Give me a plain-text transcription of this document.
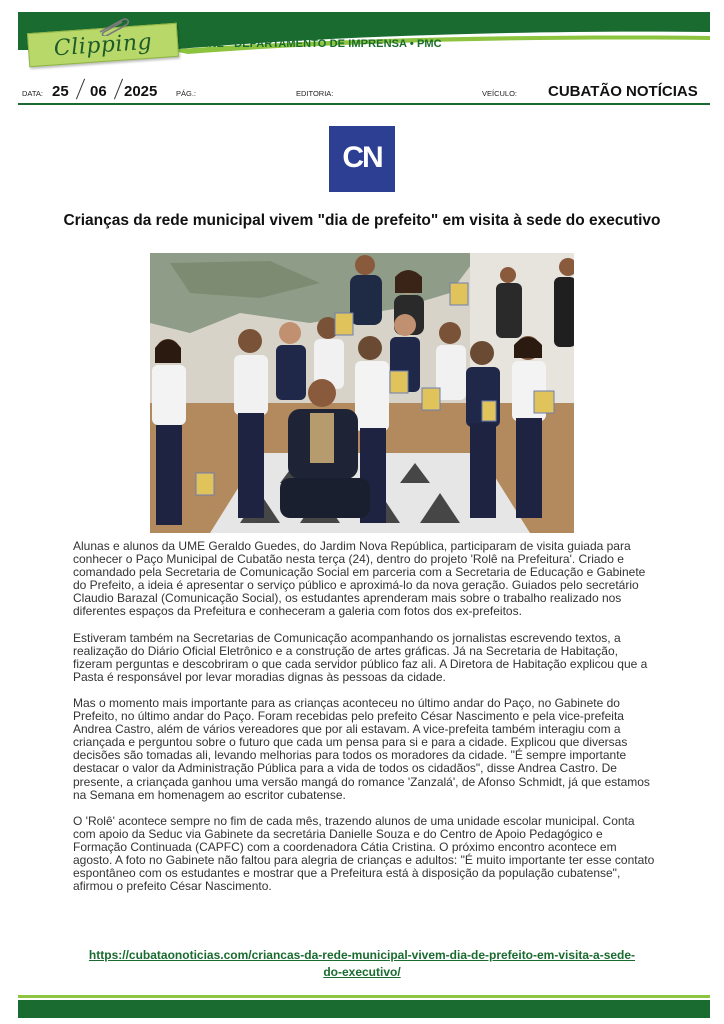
Clipping ON-LINE • DEPARTAMENTO DE IMPRENSA • PMC
DATA: 25 06 2025 PÁG.:	EDITORIA:	VEÍCULO: CUBATÃO NOTÍCIAS
CN
Crianças da rede municipal vivem "dia de prefeito" em visita à sede do executivo

Alunas e alunos da UME Geraldo Guedes, do Jardim Nova República, participaram de visita guiada para conhecer o Paço Municipal de Cubatão nesta terça (24), dentro do projeto 'Rolê na Prefeitura'. Criado e comandado pela Secretaria de Comunicação Social em parceria com a Secretaria de Educação e Gabinete do Prefeito, a ideia é apresentar o serviço público e aproximá-lo da nova geração. Guiados pelo secretário Claudio Barazal (Comunicação Social), os estudantes aprenderam mais sobre o trabalho realizado nos diferentes espaços da Prefeitura e conheceram a galeria com fotos dos ex-prefeitos.

Estiveram também na Secretarias de Comunicação acompanhando os jornalistas escrevendo textos, a realização do Diário Oficial Eletrônico e a construção de artes gráficas. Já na Secretaria de Habitação, fizeram perguntas e descobriram o que cada servidor público faz ali. A Diretora de Habitação explicou que a Pasta é responsável por levar moradias dignas às pessoas da cidade.

Mas o momento mais importante para as crianças aconteceu no último andar do Paço, no Gabinete do Prefeito, no último andar do Paço. Foram recebidas pelo prefeito César Nascimento e pela vice-prefeita Andrea Castro, além de vários vereadores que por ali estavam. A vice-prefeita também interagiu com a criançada e perguntou sobre o futuro que cada um pensa para si e para a cidade. Explicou que diversas decisões são tomadas ali, levando melhorias para todos os moradores da cidade. "É sempre importante destacar o valor da Administração Pública para a vida de todos os cidadãos", disse Andrea Castro. De presente, a criançada ganhou uma versão mangá do romance 'Zanzalá', de Afonso Schmidt, já que estamos na Semana em homenagem ao escritor cubatense.

O 'Rolê' acontece sempre no fim de cada mês, trazendo alunos de uma unidade escolar municipal. Conta com apoio da Seduc via Gabinete da secretária Danielle Souza e do Centro de Apoio Pedagógico e Formação Continuada (CAPFC) com a coordenadora Cátia Cristina. O próximo encontro acontece em agosto. A foto no Gabinete não faltou para alegria de crianças e adultos: "É muito importante ter esse contato espontâneo com os estudantes e mostrar que a Prefeitura está à disposição da população cubatense", afirmou o prefeito César Nascimento.

https://cubataonoticias.com/criancas-da-rede-municipal-vivem-dia-de-prefeito-em-visita-a-sede-
do-executivo/
